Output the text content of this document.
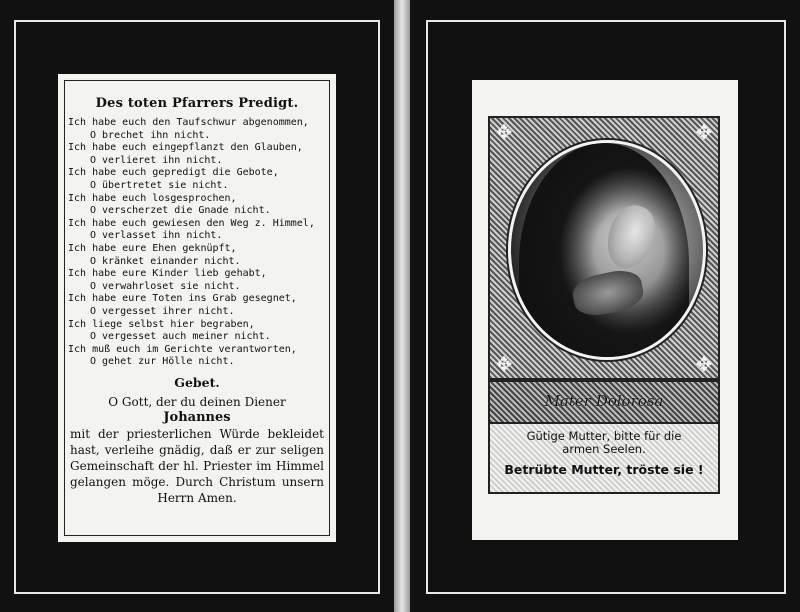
Des toten Pfarrers Predigt.
Ich habe euch den Taufschwur abgenommen,
O brechet ihn nicht.
Ich habe euch eingepflanzt den Glauben,
O verlieret ihn nicht.
Ich habe euch gepredigt die Gebote,
O übertretet sie nicht.
Ich habe euch losgesprochen,
O verscherzet die Gnade nicht.
Ich habe euch gewiesen den Weg z. Himmel,
O verlasset ihn nicht.
Ich habe eure Ehen geknüpft,
O kränket einander nicht.
Ich habe eure Kinder lieb gehabt,
O verwahrloset sie nicht.
Ich habe eure Toten ins Grab gesegnet,
O vergesset ihrer nicht.
Ich liege selbst hier begraben,
O vergesset auch meiner nicht.
Ich muß euch im Gerichte verantworten,
O gehet zur Hölle nicht.
Gebet.
O Gott, der du deinen Diener
Johannes
mit der priesterlichen Würde bekleidet hast, verleihe gnädig, daß er zur seligen Gemeinschaft der hl. Priester im Himmel gelangen möge. Durch Christum unsern Herrn Amen.
✥	✥
✥	✥
Mater Dolorosa
Gütige Mutter, bitte für die
armen Seelen.
Betrübte Mutter, tröste sie !
